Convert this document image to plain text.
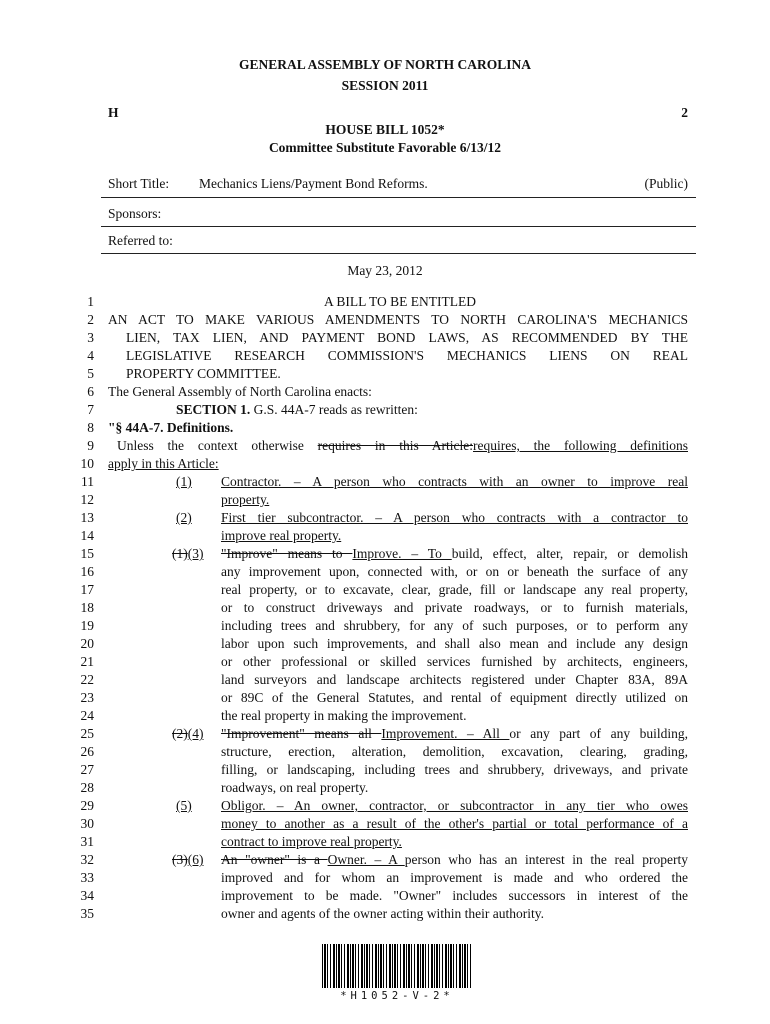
GENERAL ASSEMBLY OF NORTH CAROLINA
SESSION 2011
H	2
HOUSE BILL 1052*
Committee Substitute Favorable 6/13/12
Short Title: Mechanics Liens/Payment Bond Reforms.	(Public)
Sponsors:
Referred to:
May 23, 2012
1
2
3
4
5
6
7
8
9
10
11
12
13
14
15
16
17
18
19
20
21
22
23
24
25
26
27
28
29
30
31
32
33
34
35
A BILL TO BE ENTITLED
AN ACT TO MAKE VARIOUS AMENDMENTS TO NORTH CAROLINA'S MECHANICS
LIEN, TAX LIEN, AND PAYMENT BOND LAWS, AS RECOMMENDED BY THE
LEGISLATIVE RESEARCH COMMISSION'S MECHANICS LIENS ON REAL
PROPERTY COMMITTEE.
The General Assembly of North Carolina enacts:
SECTION 1. G.S. 44A-7 reads as rewritten:
"§ 44A-7. Definitions.
Unless the context otherwise requires in this Article:requires, the following definitions
apply in this Article:
(1) Contractor. – A person who contracts with an owner to improve real
property.
(2) First tier subcontractor. – A person who contracts with a contractor to
improve real property.
(1)(3) "Improve" means to Improve. – To build, effect, alter, repair, or demolish
any improvement upon, connected with, or on or beneath the surface of any
real property, or to excavate, clear, grade, fill or landscape any real property,
or to construct driveways and private roadways, or to furnish materials,
including trees and shrubbery, for any of such purposes, or to perform any
labor upon such improvements, and shall also mean and include any design
or other professional or skilled services furnished by architects, engineers,
land surveyors and landscape architects registered under Chapter 83A, 89A
or 89C of the General Statutes, and rental of equipment directly utilized on
the real property in making the improvement.
(2)(4) "Improvement" means all Improvement. – All or any part of any building,
structure, erection, alteration, demolition, excavation, clearing, grading,
filling, or landscaping, including trees and shrubbery, driveways, and private
roadways, on real property.
(5) Obligor. – An owner, contractor, or subcontractor in any tier who owes
money to another as a result of the other's partial or total performance of a
contract to improve real property.
(3)(6) An "owner" is a Owner. – A person who has an interest in the real property
improved and for whom an improvement is made and who ordered the
improvement to be made. "Owner" includes successors in interest of the
owner and agents of the owner acting within their authority.
*H1052-V-2*
